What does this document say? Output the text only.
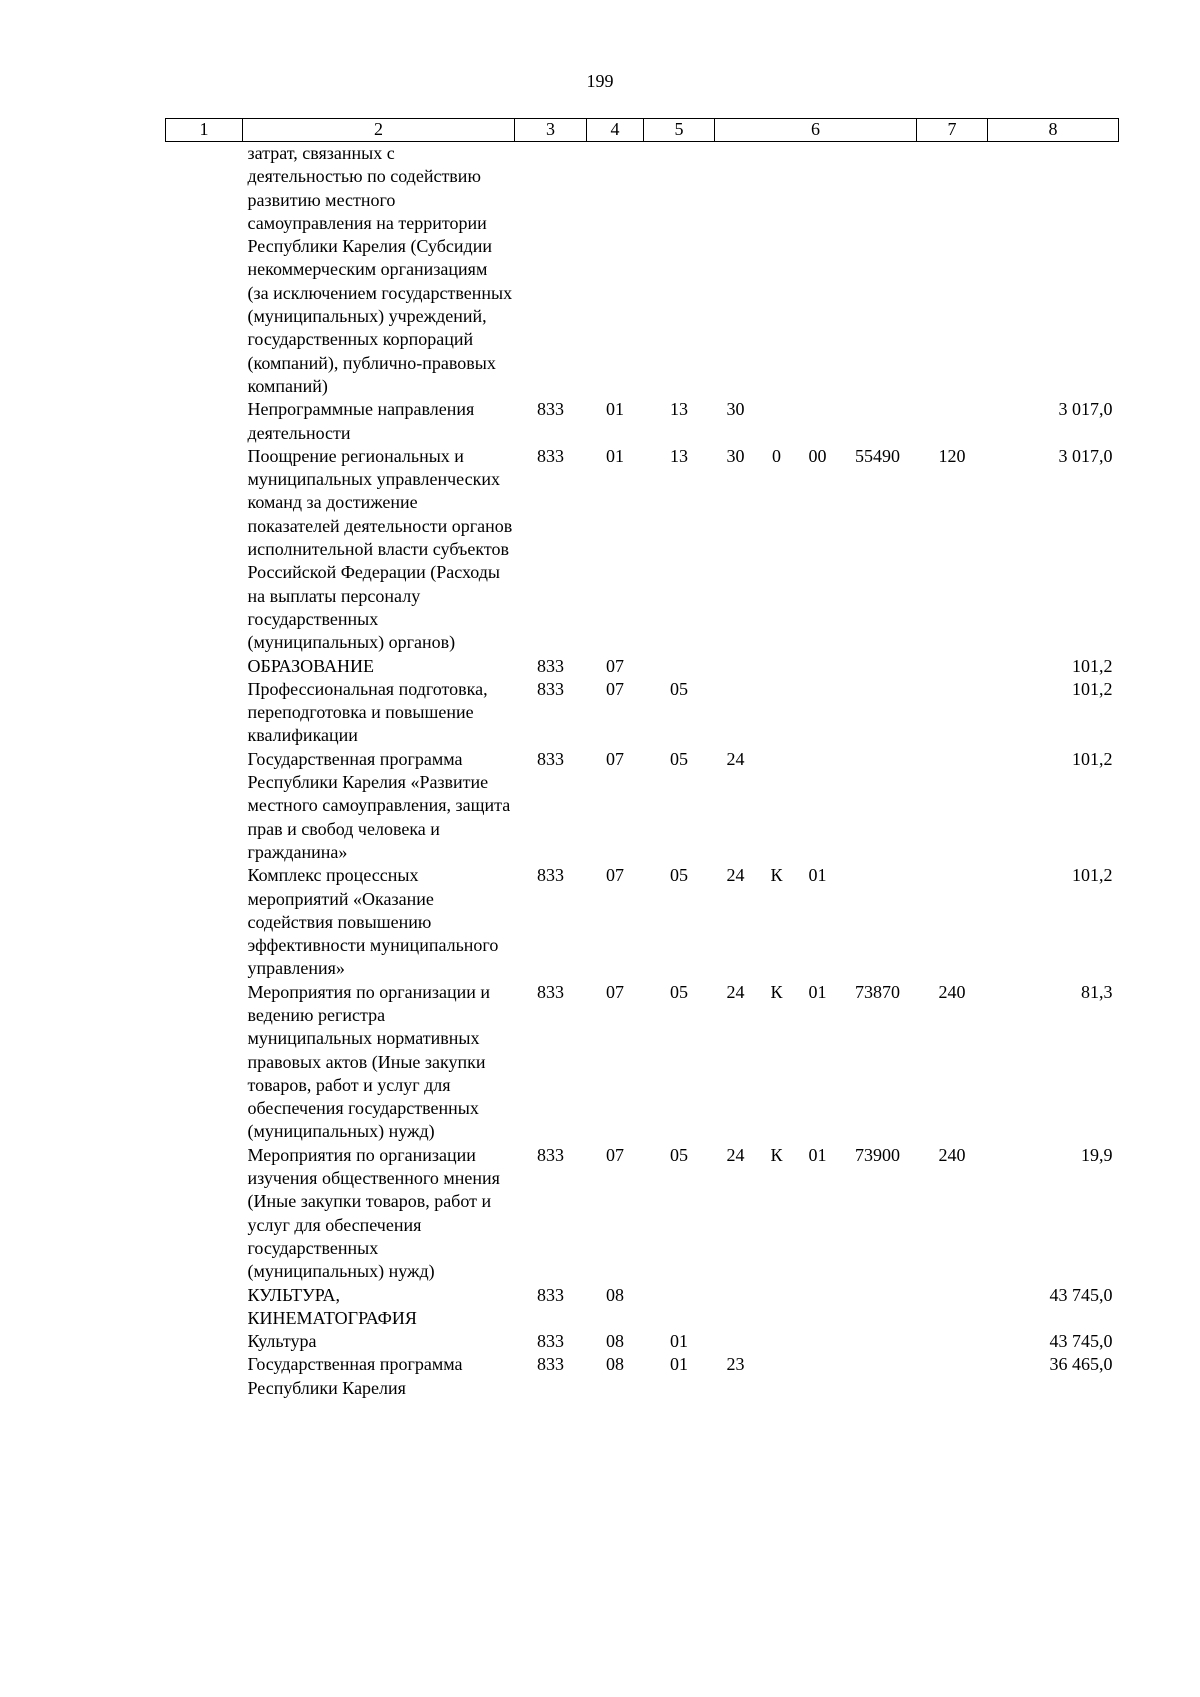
199
1	2	3	4	5	6				7	8
	затрат, связанных с деятельностью по содействию развитию местного самоуправления на территории Республики Карелия (Субсидии некоммерческим организациям (за исключением государственных (муниципальных) учреждений, государственных корпораций (компаний), публично-правовых компаний)									
	Непрограммные направления деятельности	833	01	13	30					3 017,0
	Поощрение региональных и муниципальных управленческих команд за достижение показателей деятельности органов исполнительной власти субъектов Российской Федерации (Расходы на выплаты персоналу государственных (муниципальных) органов)	833	01	13	30	0	00	55490	120	3 017,0
	ОБРАЗОВАНИЕ	833	07							101,2
	Профессиональная подготовка, переподготовка и повышение квалификации	833	07	05						101,2
	Государственная программа Республики Карелия «Развитие местного самоуправления, защита прав и свобод человека и гражданина»	833	07	05	24					101,2
	Комплекс процессных мероприятий «Оказание содействия повышению эффективности муниципального управления»	833	07	05	24	К	01			101,2
	Мероприятия по организации и ведению регистра муниципальных нормативных правовых актов (Иные закупки товаров, работ и услуг для обеспечения государственных (муниципальных) нужд)	833	07	05	24	К	01	73870	240	81,3
	Мероприятия по организации изучения общественного мнения (Иные закупки товаров, работ и услуг для обеспечения государственных (муниципальных) нужд)	833	07	05	24	К	01	73900	240	19,9
	КУЛЬТУРА, КИНЕМАТОГРАФИЯ	833	08							43 745,0
	Культура	833	08	01						43 745,0
	Государственная программа Республики Карелия	833	08	01	23					36 465,0
